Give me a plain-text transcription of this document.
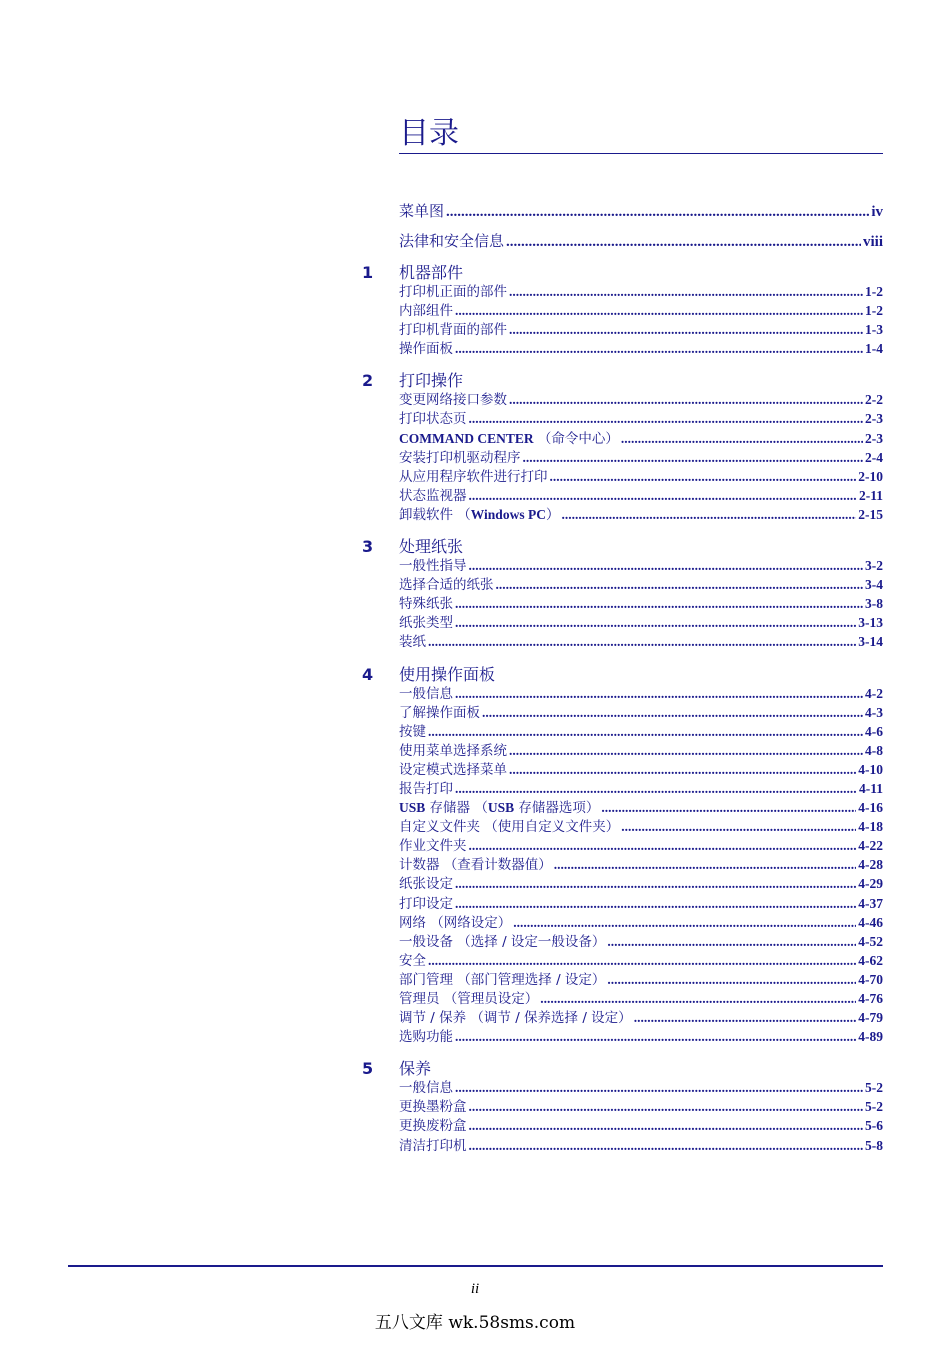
目录
菜单图 .....	iv
法律和安全信息 .....	viii
1	机器部件
打印机正面的部件 .....	1-2
内部组件 .....	1-2
打印机背面的部件 .....	1-3
操作面板 .....	1-4
2	打印操作
变更网络接口参数 .....	2-2
打印状态页 .....	2-3
COMMAND CENTER （命令中心） .....	2-3
安装打印机驱动程序 .....	2-4
从应用程序软件进行打印 .....	2-10
状态监视器 .....	2-11
卸载软件 （Windows PC） .....	2-15
3	处理纸张
一般性指导 .....	3-2
选择合适的纸张 .....	3-4
特殊纸张 .....	3-8
纸张类型 .....	3-13
装纸 .....	3-14
4	使用操作面板
一般信息 .....	4-2
了解操作面板 .....	4-3
按键 .....	4-6
使用菜单选择系统 .....	4-8
设定模式选择菜单 .....	4-10
报告打印 .....	4-11
USB 存储器 （USB 存储器选项） .....	4-16
自定义文件夹 （使用自定义文件夹） .....	4-18
作业文件夹 .....	4-22
计数器 （查看计数器值） .....	4-28
纸张设定 .....	4-29
打印设定 .....	4-37
网络 （网络设定） .....	4-46
一般设备 （选择 / 设定一般设备） .....	4-52
安全 .....	4-62
部门管理 （部门管理选择 / 设定） .....	4-70
管理员 （管理员设定） .....	4-76
调节 / 保养 （调节 / 保养选择 / 设定） .....	4-79
选购功能 .....	4-89
5	保养
一般信息 .....	5-2
更换墨粉盒 .....	5-2
更换废粉盒 .....	5-6
清洁打印机 .....	5-8
ii
五八文库 wk.58sms.com
